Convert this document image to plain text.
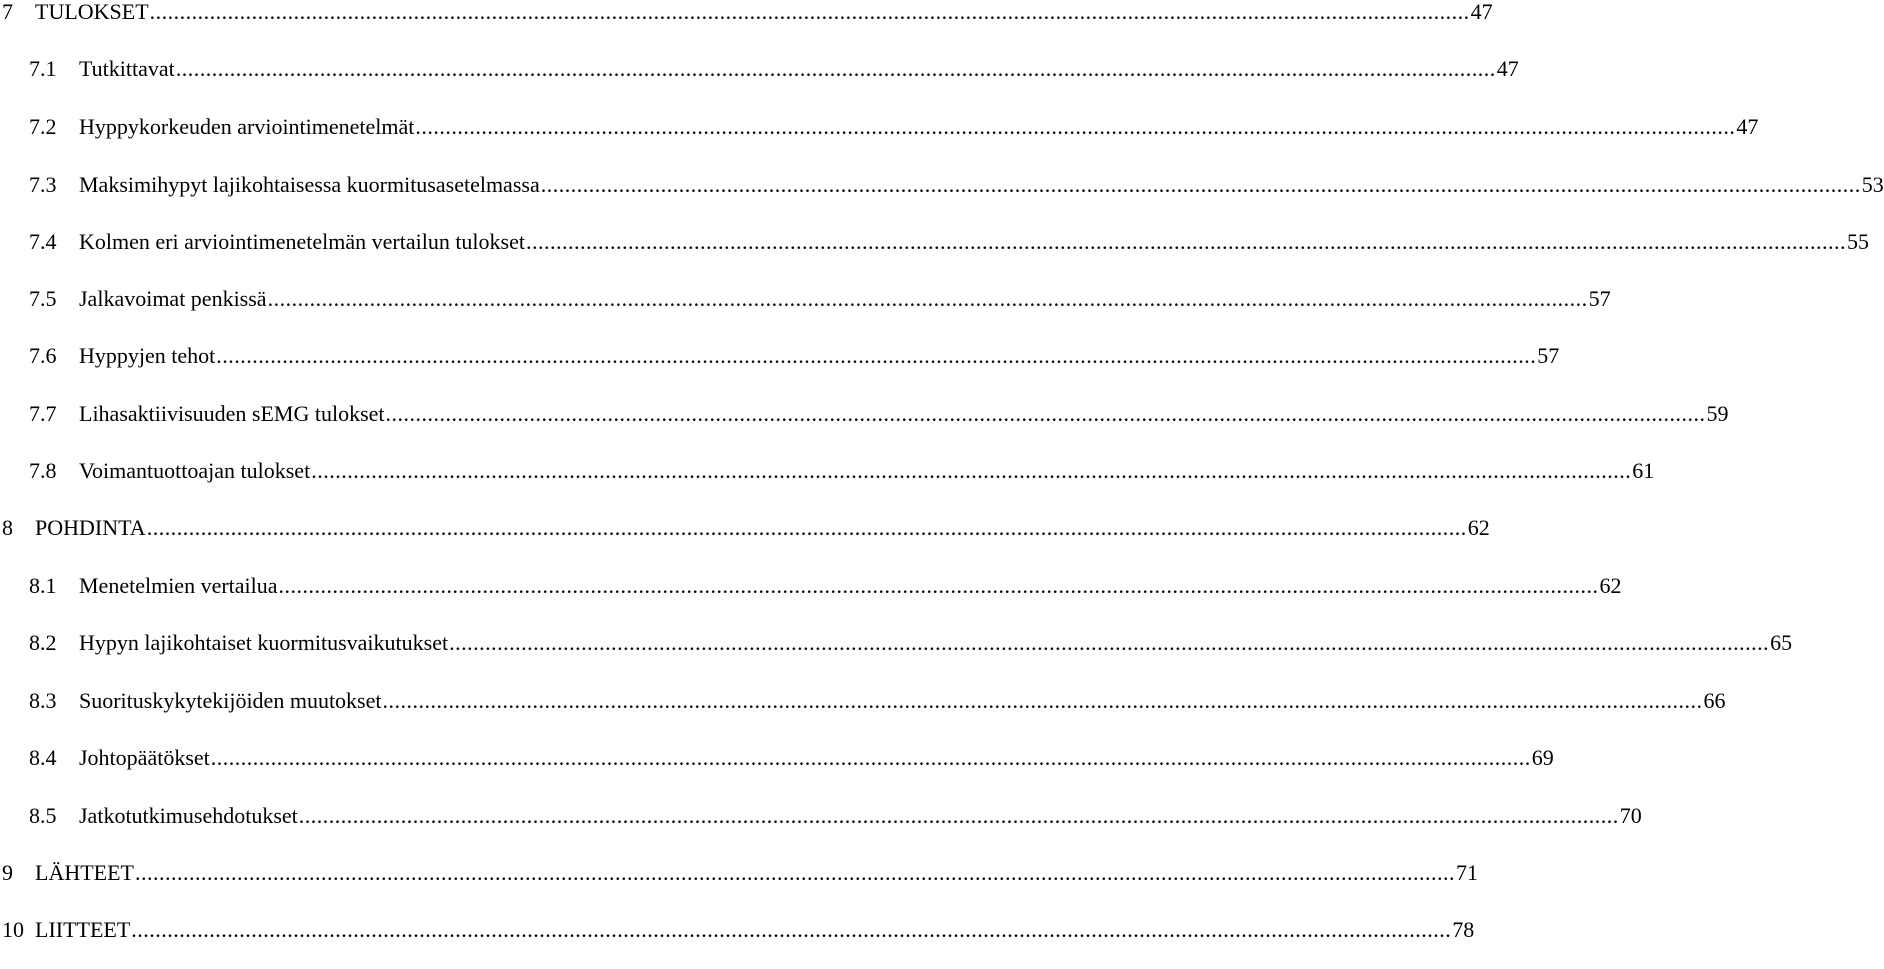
7	TULOKSET ............................................................................................................................................................................................................................ 47
7.1	Tutkittavat ............................................................................................................................................................................................................................ 47
7.2	Hyppykorkeuden arviointimenetelmät ............................................................................................................................................................................................................................ 47
7.3	Maksimihypyt lajikohtaisessa kuormitusasetelmassa ............................................................................................................................................................................................................................ 53
7.4	Kolmen eri arviointimenetelmän vertailun tulokset ............................................................................................................................................................................................................................ 55
7.5	Jalkavoimat penkissä ............................................................................................................................................................................................................................ 57
7.6	Hyppyjen tehot ............................................................................................................................................................................................................................ 57
7.7	Lihasaktiivisuuden sEMG tulokset ............................................................................................................................................................................................................................ 59
7.8	Voimantuottoajan tulokset ............................................................................................................................................................................................................................ 61
8	POHDINTA ............................................................................................................................................................................................................................ 62
8.1	Menetelmien vertailua ............................................................................................................................................................................................................................ 62
8.2	Hypyn lajikohtaiset kuormitusvaikutukset ............................................................................................................................................................................................................................ 65
8.3	Suorituskykytekijöiden muutokset ............................................................................................................................................................................................................................ 66
8.4	Johtopäätökset ............................................................................................................................................................................................................................ 69
8.5	Jatkotutkimusehdotukset ............................................................................................................................................................................................................................ 70
9	LÄHTEET ............................................................................................................................................................................................................................ 71
10 LIITTEET ............................................................................................................................................................................................................................ 78
